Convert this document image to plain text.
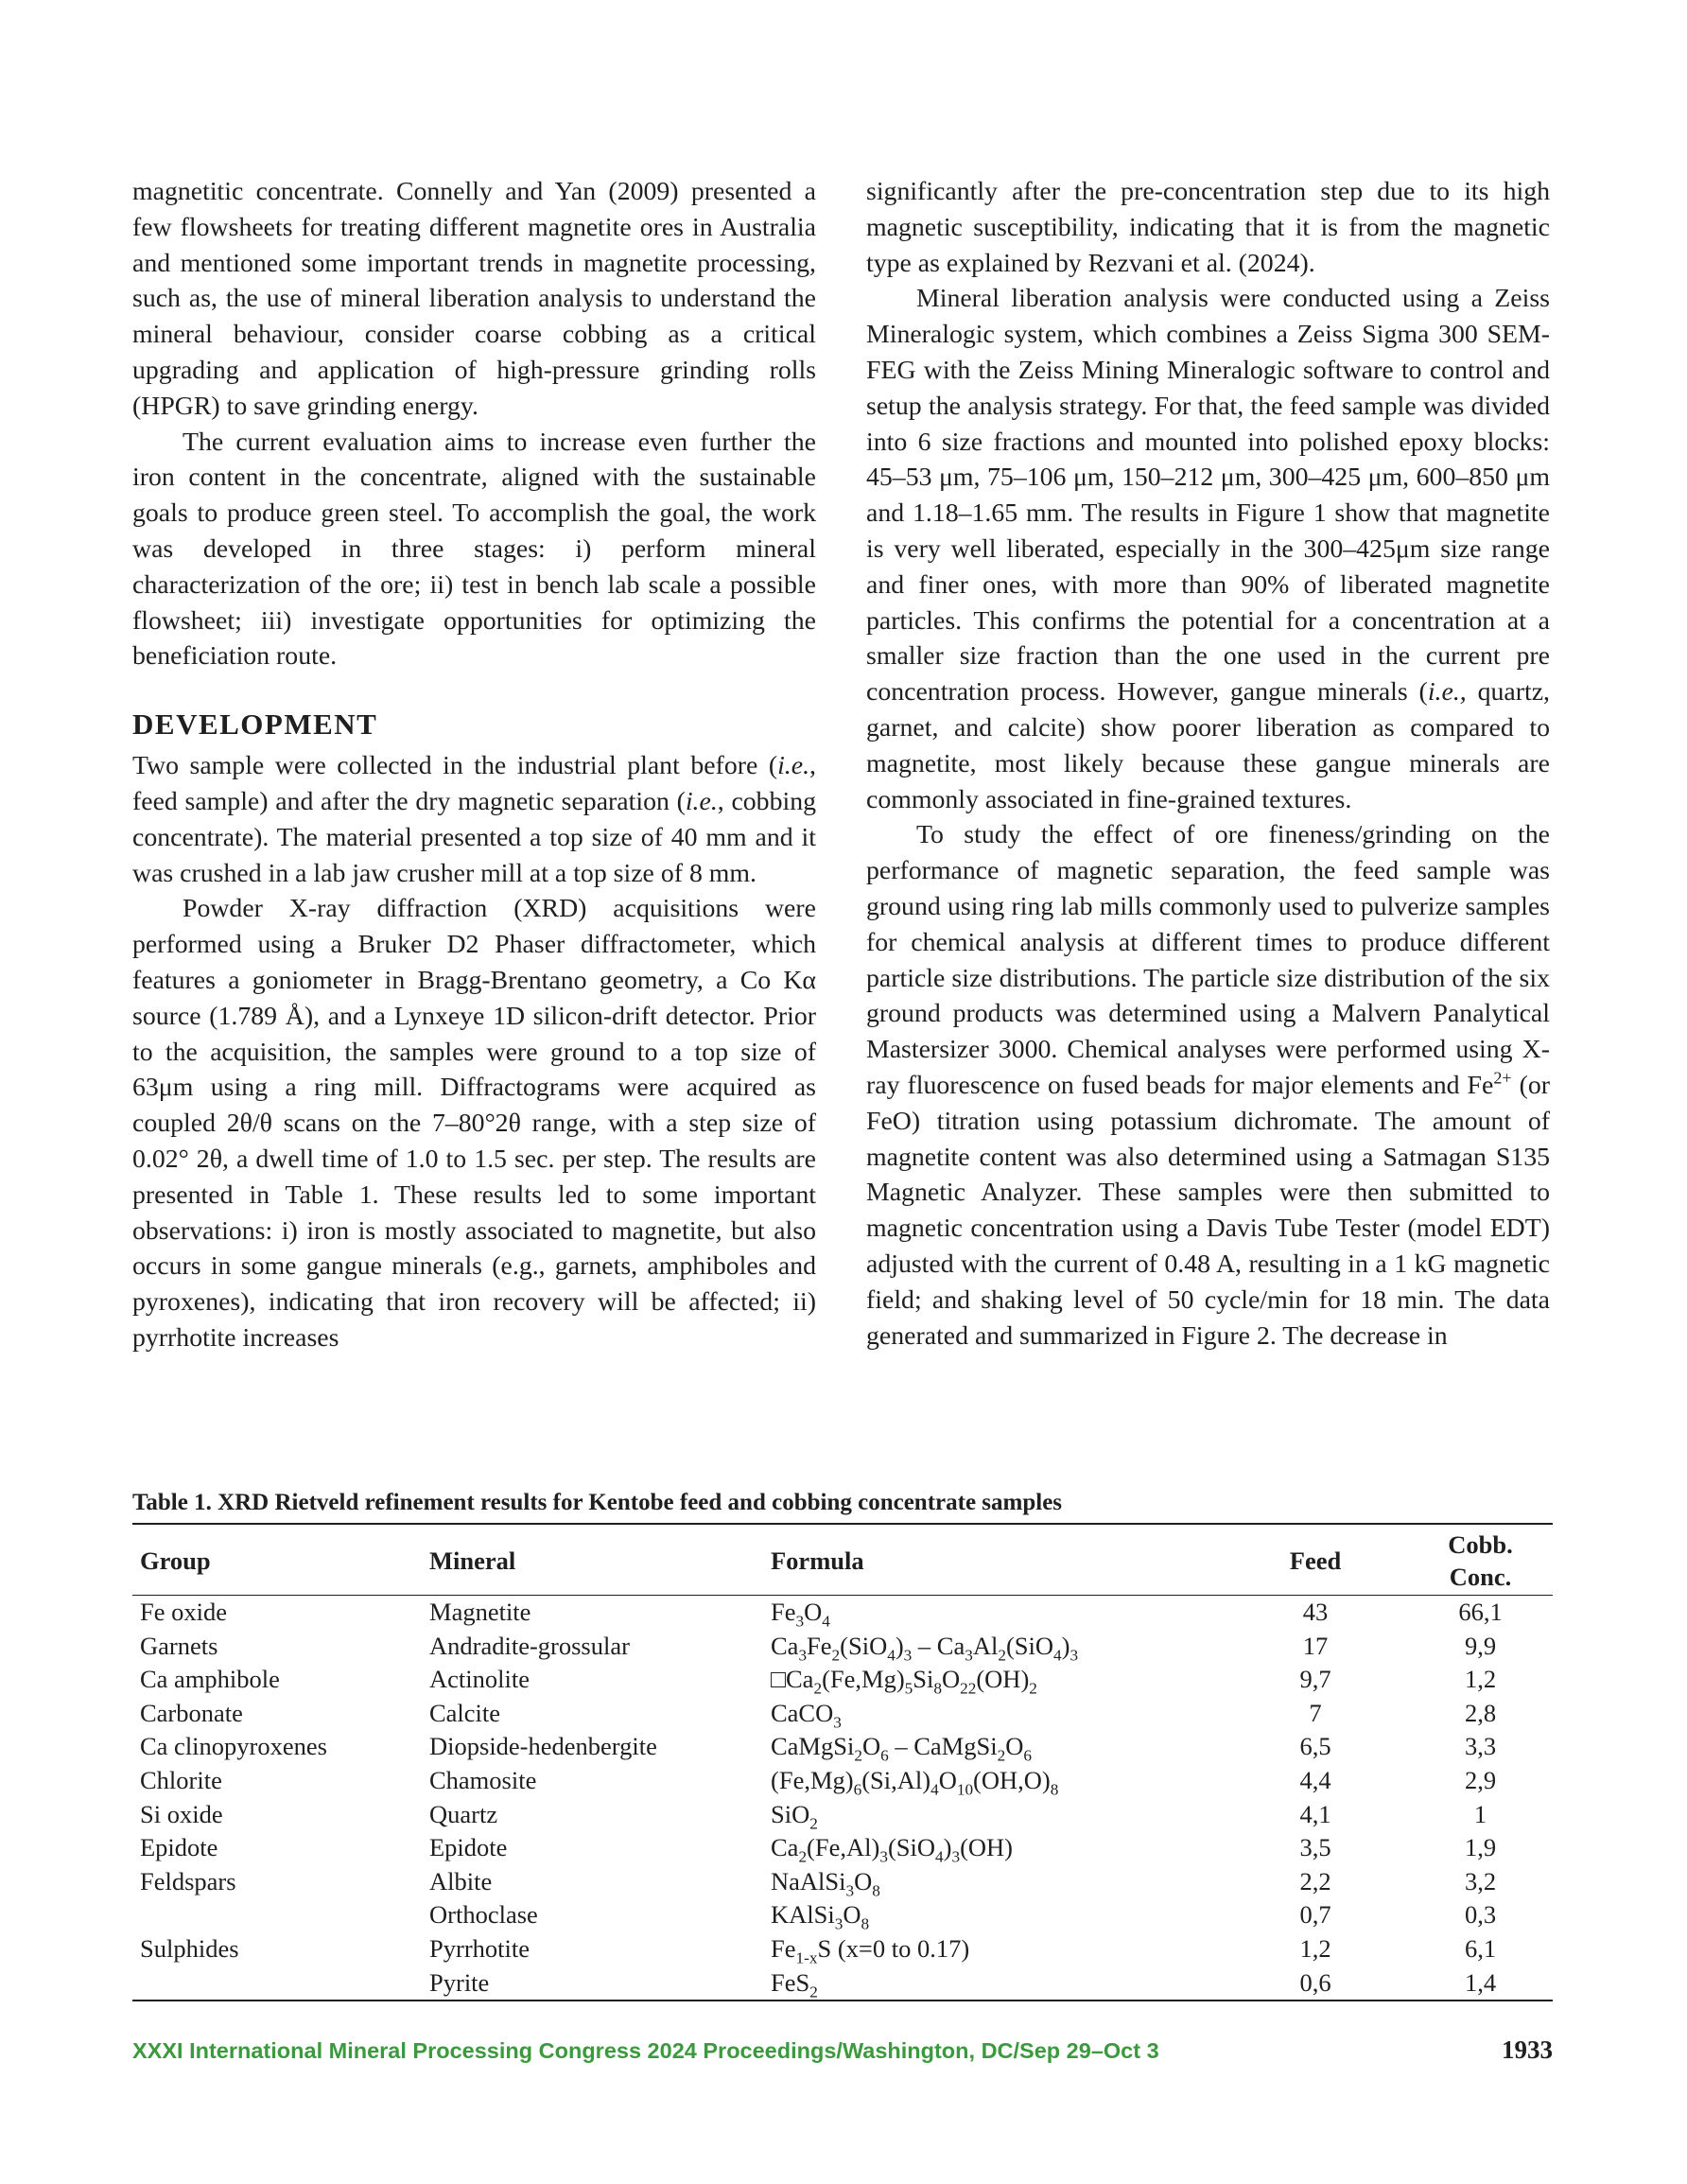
magnetitic concentrate. Connelly and Yan (2009) presented a few flowsheets for treating different magnetite ores in Australia and mentioned some important trends in magnetite processing, such as, the use of mineral liberation analysis to understand the mineral behaviour, consider coarse cobbing as a critical upgrading and application of high-pressure grinding rolls (HPGR) to save grinding energy.

The current evaluation aims to increase even further the iron content in the concentrate, aligned with the sustainable goals to produce green steel. To accomplish the goal, the work was developed in three stages: i) perform mineral characterization of the ore; ii) test in bench lab scale a possible flowsheet; iii) investigate opportunities for optimizing the beneficiation route.

DEVELOPMENT

Two sample were collected in the industrial plant before (i.e., feed sample) and after the dry magnetic separation (i.e., cobbing concentrate). The material presented a top size of 40 mm and it was crushed in a lab jaw crusher mill at a top size of 8 mm.

Powder X-ray diffraction (XRD) acquisitions were performed using a Bruker D2 Phaser diffractometer, which features a goniometer in Bragg-Brentano geometry, a Co Kα source (1.789 Å), and a Lynxeye 1D silicon-drift detector. Prior to the acquisition, the samples were ground to a top size of 63μm using a ring mill. Diffractograms were acquired as coupled 2θ/θ scans on the 7–80°2θ range, with a step size of 0.02° 2θ, a dwell time of 1.0 to 1.5 sec. per step. The results are presented in Table 1. These results led to some important observations: i) iron is mostly associated to magnetite, but also occurs in some gangue minerals (e.g., garnets, amphiboles and pyroxenes), indicating that iron recovery will be affected; ii) pyrrhotite increases

significantly after the pre-concentration step due to its high magnetic susceptibility, indicating that it is from the magnetic type as explained by Rezvani et al. (2024).

Mineral liberation analysis were conducted using a Zeiss Mineralogic system, which combines a Zeiss Sigma 300 SEM-FEG with the Zeiss Mining Mineralogic software to control and setup the analysis strategy. For that, the feed sample was divided into 6 size fractions and mounted into polished epoxy blocks: 45–53 μm, 75–106 μm, 150–212 μm, 300–425 μm, 600–850 μm and 1.18–1.65 mm. The results in Figure 1 show that magnetite is very well liberated, especially in the 300–425μm size range and finer ones, with more than 90% of liberated magnetite particles. This confirms the potential for a concentration at a smaller size fraction than the one used in the current pre concentration process. However, gangue minerals (i.e., quartz, garnet, and calcite) show poorer liberation as compared to magnetite, most likely because these gangue minerals are commonly associated in fine-grained textures.

To study the effect of ore fineness/grinding on the performance of magnetic separation, the feed sample was ground using ring lab mills commonly used to pulverize samples for chemical analysis at different times to produce different particle size distributions. The particle size distribution of the six ground products was determined using a Malvern Panalytical Mastersizer 3000. Chemical analyses were performed using X-ray fluorescence on fused beads for major elements and $Fe^{2+}$ (or FeO) titration using potassium dichromate. The amount of magnetite content was also determined using a Satmagan S135 Magnetic Analyzer. These samples were then submitted to magnetic concentration using a Davis Tube Tester (model EDT) adjusted with the current of 0.48 A, resulting in a 1 kG magnetic field; and shaking level of 50 cycle/min for 18 min. The data generated and summarized in Figure 2. The decrease in

Table 1. XRD Rietveld refinement results for Kentobe feed and cobbing concentrate samples
Group	Mineral	Formula	Feed	Cobb. Conc.
Fe oxide	Magnetite	$Fe_3O_4$	43	66,1
Garnets	Andradite-grossular	$Ca_3Fe_2(SiO_4)_3 - Ca_3Al_2(SiO_4)_3$	17	9,9
Ca amphibole	Actinolite	$□Ca_2(Fe,Mg)_5Si_8O_{22}(OH)_2$	9,7	1,2
Carbonate	Calcite	CaCO$_3$	7	2,8
Ca clinopyroxenes	Diopside-hedenbergite	$CaMgSi_2O_6$ – $CaMgSi_2O_6$	6,5	3,3
Chlorite	Chamosite	$(Fe,Mg)_6(Si,Al)_4O_{10}(OH,O)_8$	4,4	2,9
Si oxide	Quartz	SiO$_2$	4,1	1
Epidote	Epidote	$Ca_2(Fe,Al)_3(SiO_4)_3(OH)$	3,5	1,9
Feldspars	Albite	$NaAlSi_3O_8$	2,2	3,2
	Orthoclase	$KAlSi_3O_8$	0,7	0,3
Sulphides	Pyrrhotite	$Fe_{1-x}S$ (x=0 to 0.17)	1,2	6,1
	Pyrite	FeS$_2$	0,6	1,4
XXXI International Mineral Processing Congress 2024 Proceedings/Washington, DC/Sep 29–Oct 3	1933
